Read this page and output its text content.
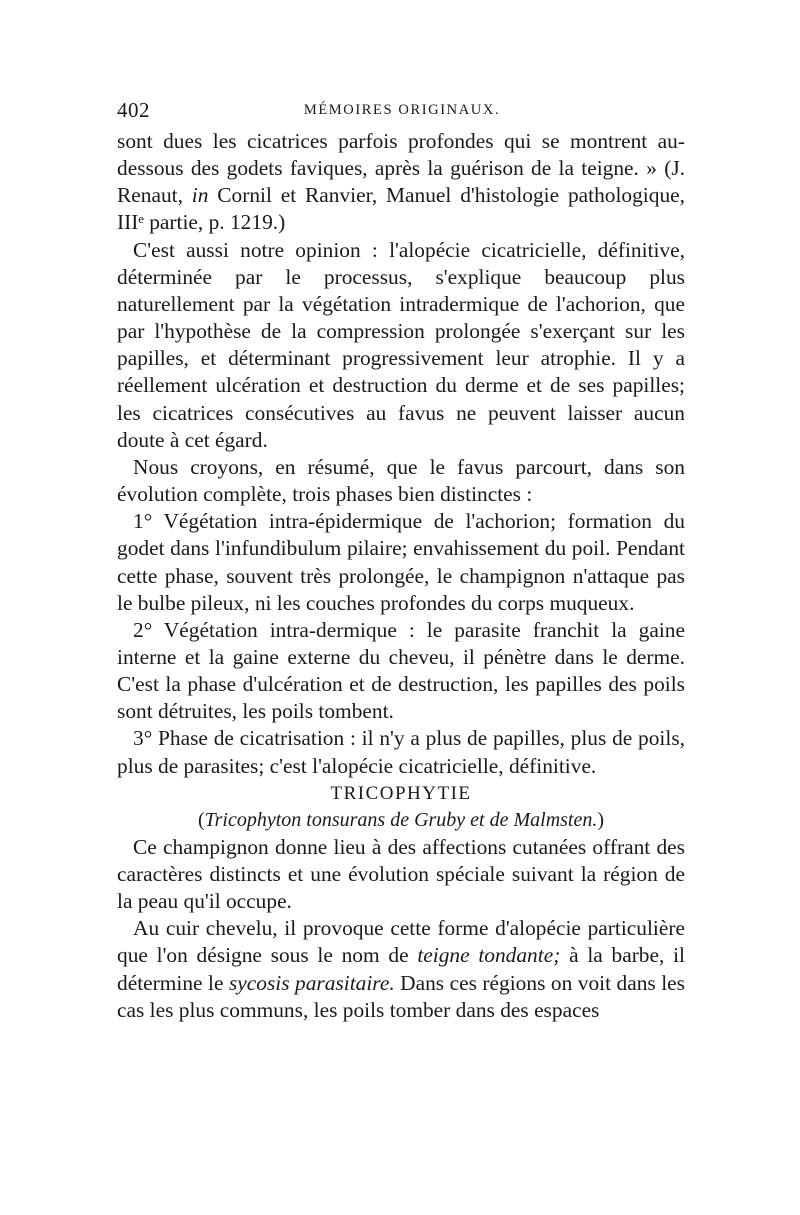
402	MÉMOIRES ORIGINAUX.

sont dues les cicatrices parfois profondes qui se montrent au-dessous des godets faviques, après la guérison de la teigne. » (J. Renaut, in Cornil et Ranvier, Manuel d'histologie pathologique, IIIᵉ partie, p. 1219.)

C'est aussi notre opinion : l'alopécie cicatricielle, définitive, déterminée par le processus, s'explique beaucoup plus naturellement par la végétation intradermique de l'achorion, que par l'hypothèse de la compression prolongée s'exerçant sur les papilles, et déterminant progressivement leur atrophie. Il y a réellement ulcération et destruction du derme et de ses papilles; les cicatrices consécutives au favus ne peuvent laisser aucun doute à cet égard.

Nous croyons, en résumé, que le favus parcourt, dans son évolution complète, trois phases bien distinctes :

1° Végétation intra-épidermique de l'achorion; formation du godet dans l'infundibulum pilaire; envahissement du poil. Pendant cette phase, souvent très prolongée, le champignon n'attaque pas le bulbe pileux, ni les couches profondes du corps muqueux.

2° Végétation intra-dermique : le parasite franchit la gaine interne et la gaine externe du cheveu, il pénètre dans le derme. C'est la phase d'ulcération et de destruction, les papilles des poils sont détruites, les poils tombent.

3° Phase de cicatrisation : il n'y a plus de papilles, plus de poils, plus de parasites; c'est l'alopécie cicatricielle, définitive.

TRICOPHYTIE

(Tricophyton tonsurans de Gruby et de Malmsten.)

Ce champignon donne lieu à des affections cutanées offrant des caractères distincts et une évolution spéciale suivant la région de la peau qu'il occupe.

Au cuir chevelu, il provoque cette forme d'alopécie particulière que l'on désigne sous le nom de teigne tondante; à la barbe, il détermine le sycosis parasitaire. Dans ces régions on voit dans les cas les plus communs, les poils tomber dans des espaces
